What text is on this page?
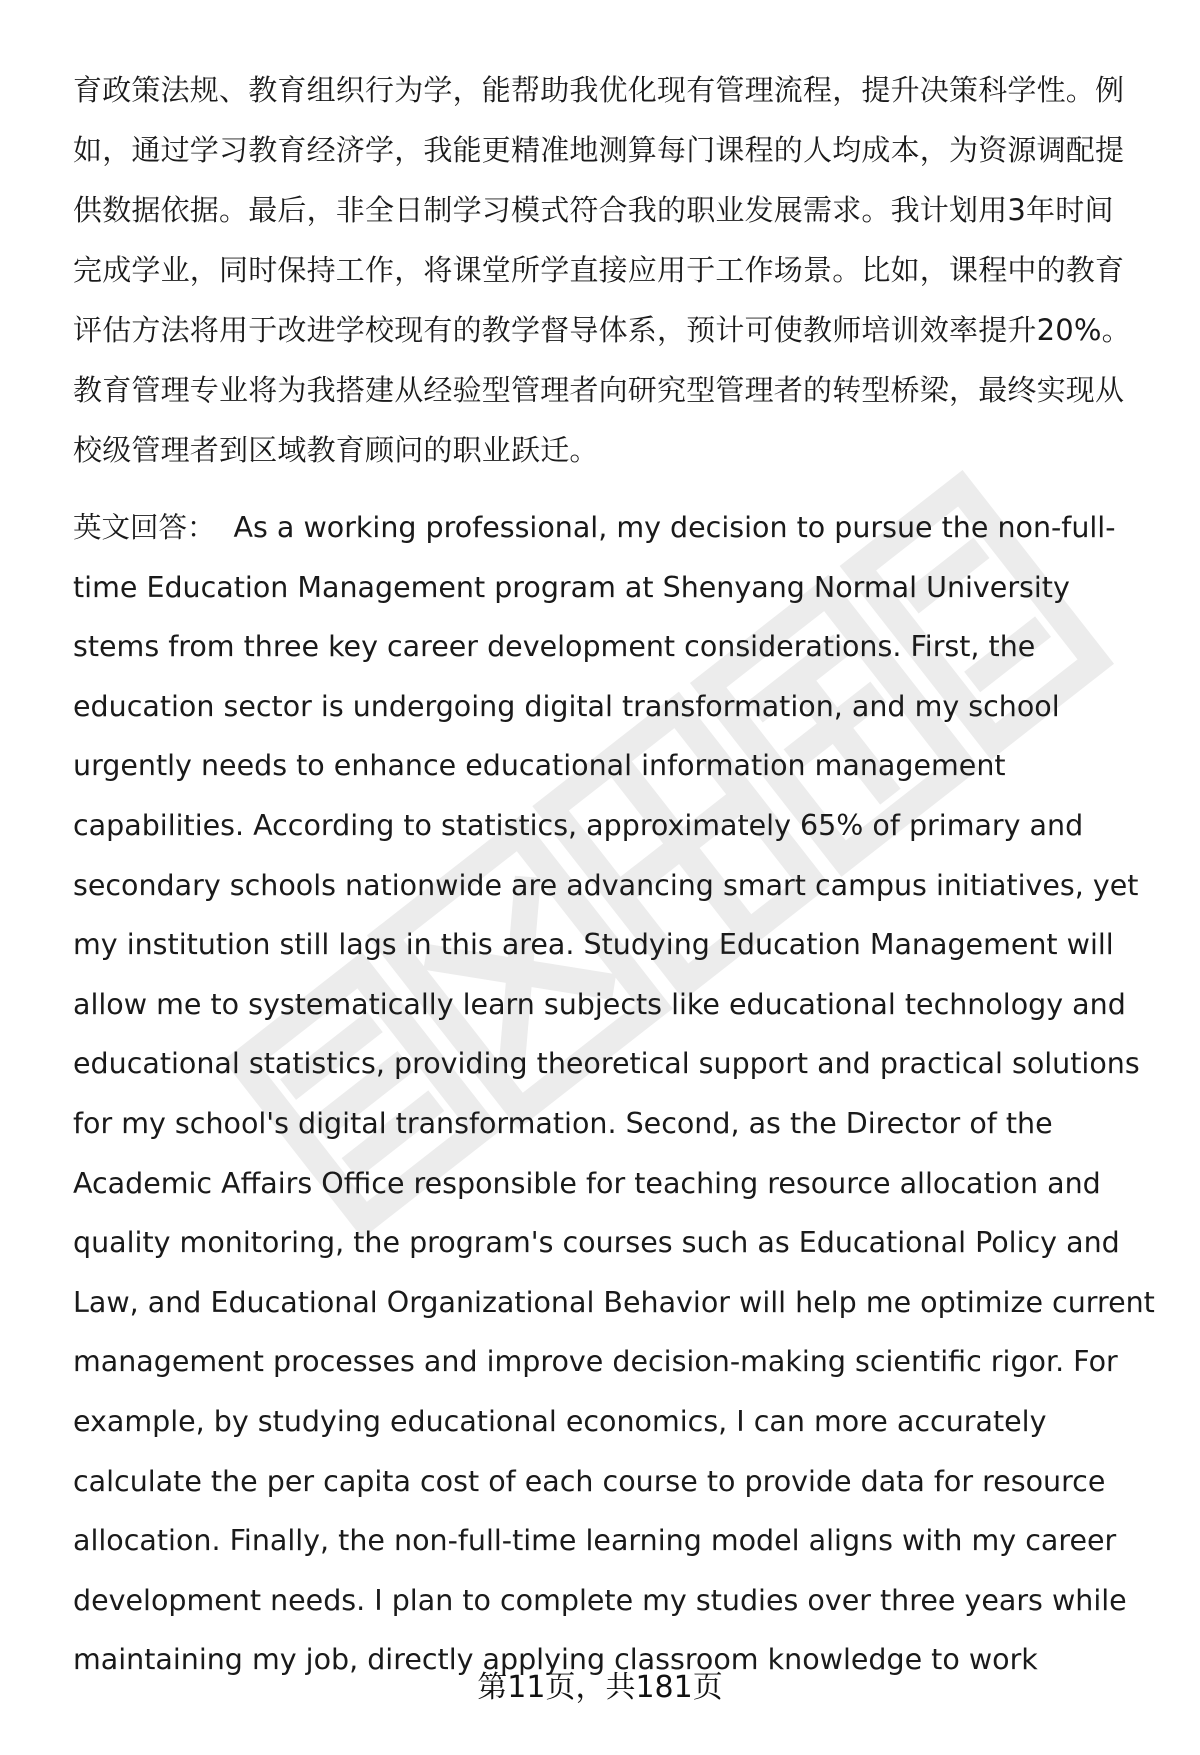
育政策法规、教育组织行为学，能帮助我优化现有管理流程，提升决策科学性。例
如，通过学习教育经济学，我能更精准地测算每门课程的人均成本，为资源调配提
供数据依据。最后，非全日制学习模式符合我的职业发展需求。我计划用3年时间
完成学业，同时保持工作，将课堂所学直接应用于工作场景。比如，课程中的教育
评估方法将用于改进学校现有的教学督导体系，预计可使教师培训效率提升20%。
教育管理专业将为我搭建从经验型管理者向研究型管理者的转型桥梁，最终实现从
校级管理者到区域教育顾问的职业跃迁。
英文回答： As a working professional, my decision to pursue the non-full-
time Education Management program at Shenyang Normal University
stems from three key career development considerations. First, the
education sector is undergoing digital transformation, and my school
urgently needs to enhance educational information management
capabilities. According to statistics, approximately 65% of primary and
secondary schools nationwide are advancing smart campus initiatives, yet
my institution still lags in this area. Studying Education Management will
allow me to systematically learn subjects like educational technology and
educational statistics, providing theoretical support and practical solutions
for my school's digital transformation. Second, as the Director of the
Academic Affairs Office responsible for teaching resource allocation and
quality monitoring, the program's courses such as Educational Policy and
Law, and Educational Organizational Behavior will help me optimize current
management processes and improve decision-making scientific rigor. For
example, by studying educational economics, I can more accurately
calculate the per capita cost of each course to provide data for resource
allocation. Finally, the non-full-time learning model aligns with my career
development needs. I plan to complete my studies over three years while
maintaining my job, directly applying classroom knowledge to work
第11页，共181页
